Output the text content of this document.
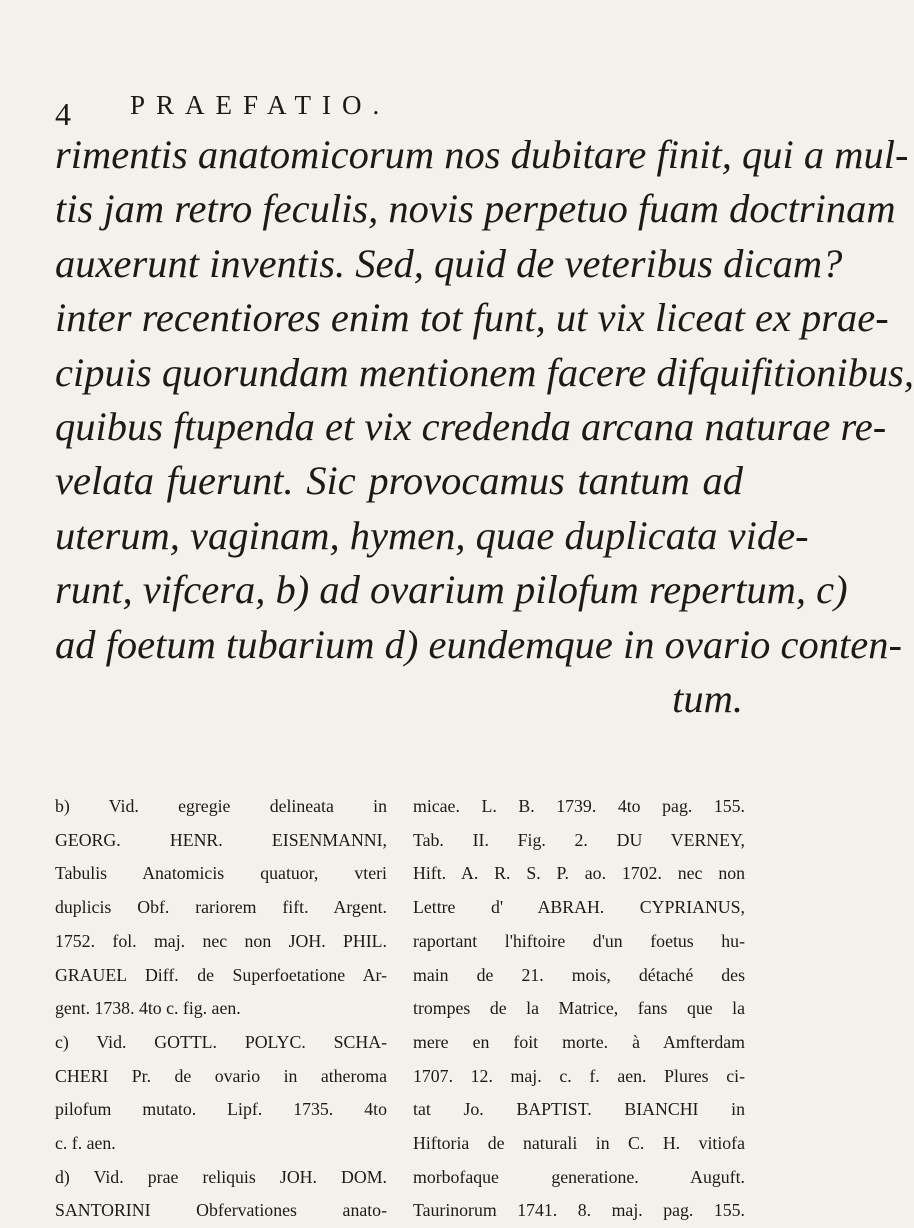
4 PRAEFATIO.
rimentis anatomicorum nos dubitare finit, qui a mul-
tis jam retro feculis, novis perpetuo fuam doctrinam
auxerunt inventis. Sed, quid de veteribus dicam?
inter recentiores enim tot funt, ut vix liceat ex prae-
cipuis quorundam mentionem facere difquifitionibus,
quibus ftupenda et vix credenda arcana naturae re-
velata fuerunt. Sic provocamus tantum ad
uterum, vaginam, hymen, quae duplicata vide-
runt, vifcera, b) ad ovarium pilofum repertum, c)
ad foetum tubarium d) eundemque in ovario conten-
tum.
b) Vid. egregie delineata in
GEORG. HENR. EISENMANNI,
Tabulis Anatomicis quatuor, vteri
duplicis Obf. rariorem fift. Argent.
1752. fol. maj. nec non JOH. PHIL.
GRAUEL Diff. de Superfoetatione Ar-
gent. 1738. 4to c. fig. aen.
c) Vid. GOTTL. POLYC. SCHA-
CHERI Pr. de ovario in atheroma
pilofum mutato. Lipf. 1735. 4to
c. f. aen.
d) Vid. prae reliquis JOH. DOM.
SANTORINI Obfervationes anato-
micae. L. B. 1739. 4to pag. 155.
Tab. II. Fig. 2. DU VERNEY,
Hift. A. R. S. P. ao. 1702. nec non
Lettre d' ABRAH. CYPRIANUS,
raportant l'hiftoire d'un foetus hu-
main de 21. mois, détaché des
trompes de la Matrice, fans que la
mere en foit morte. à Amfterdam
1707. 12. maj. c. f. aen. Plures ci-
tat Jo. BAPTIST. BIANCHI in
Hiftoria de naturali in C. H. vitiofa
morbofaque generatione. Auguft.
Taurinorum 1741. 8. maj. pag. 155.
